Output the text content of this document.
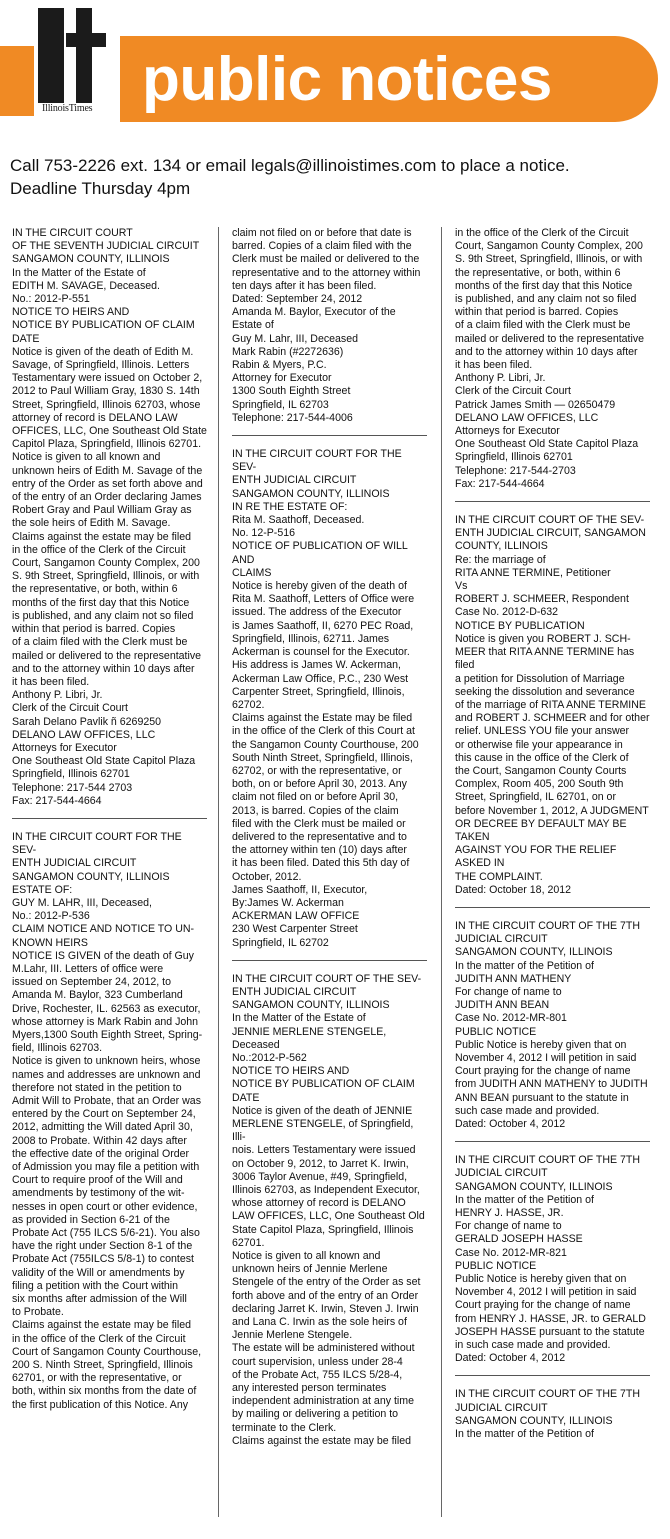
IllinoisTimes public notices
Call 753-2226 ext. 134 or email legals@illinoistimes.com to place a notice.
Deadline Thursday 4pm

IN THE CIRCUIT COURT
OF THE SEVENTH JUDICIAL CIRCUIT
SANGAMON COUNTY, ILLINOIS
In the Matter of the Estate of
EDITH M. SAVAGE, Deceased.
No.: 2012-P-551
NOTICE TO HEIRS AND
NOTICE BY PUBLICATION OF CLAIM
DATE
Notice is given of the death of Edith M.
Savage, of Springfield, Illinois. Letters
Testamentary were issued on October 2,
2012 to Paul William Gray, 1830 S. 14th
Street, Springfield, Illinois 62703, whose
attorney of record is DELANO LAW
OFFICES, LLC, One Southeast Old State
Capitol Plaza, Springfield, Illinois 62701.
Notice is given to all known and
unknown heirs of Edith M. Savage of the
entry of the Order as set forth above and
of the entry of an Order declaring James
Robert Gray and Paul William Gray as
the sole heirs of Edith M. Savage.
Claims against the estate may be filed
in the office of the Clerk of the Circuit
Court, Sangamon County Complex, 200
S. 9th Street, Springfield, Illinois, or with
the representative, or both, within 6
months of the first day that this Notice
is published, and any claim not so filed
within that period is barred. Copies
of a claim filed with the Clerk must be
mailed or delivered to the representative
and to the attorney within 10 days after
it has been filed.
Anthony P. Libri, Jr.
Clerk of the Circuit Court
Sarah Delano Pavlik ñ 6269250
DELANO LAW OFFICES, LLC
Attorneys for Executor
One Southeast Old State Capitol Plaza
Springfield, Illinois 62701
Telephone: 217-544 2703
Fax: 217-544-4664

IN THE CIRCUIT COURT FOR THE SEV-
ENTH JUDICIAL CIRCUIT
SANGAMON COUNTY, ILLINOIS
ESTATE OF:
GUY M. LAHR, III, Deceased,
No.: 2012-P-536
CLAIM NOTICE AND NOTICE TO UN-
KNOWN HEIRS
NOTICE IS GIVEN of the death of Guy
M.Lahr, III. Letters of office were
issued on September 24, 2012, to
Amanda M. Baylor, 323 Cumberland
Drive, Rochester, IL. 62563 as executor,
whose attorney is Mark Rabin and John
Myers,1300 South Eighth Street, Spring-
field, Illinois 62703.
Notice is given to unknown heirs, whose
names and addresses are unknown and
therefore not stated in the petition to
Admit Will to Probate, that an Order was
entered by the Court on September 24,
2012, admitting the Will dated April 30,
2008 to Probate. Within 42 days after
the effective date of the original Order
of Admission you may file a petition with
Court to require proof of the Will and
amendments by testimony of the wit-
nesses in open court or other evidence,
as provided in Section 6-21 of the
Probate Act (755 ILCS 5/6-21). You also
have the right under Section 8-1 of the
Probate Act (755ILCS 5/8-1) to contest
validity of the Will or amendments by
filing a petition with the Court within
six months after admission of the Will
to Probate.
Claims against the estate may be filed
in the office of the Clerk of the Circuit
Court of Sangamon County Courthouse,
200 S. Ninth Street, Springfield, Illinois
62701, or with the representative, or
both, within six months from the date of
the first publication of this Notice. Any

claim not filed on or before that date is
barred. Copies of a claim filed with the
Clerk must be mailed or delivered to the
representative and to the attorney within
ten days after it has been filed.
Dated: September 24, 2012
Amanda M. Baylor, Executor of the
Estate of
Guy M. Lahr, III, Deceased
Mark Rabin (#2272636)
Rabin & Myers, P.C.
Attorney for Executor
1300 South Eighth Street
Springfield, IL 62703
Telephone: 217-544-4006

IN THE CIRCUIT COURT FOR THE SEV-
ENTH JUDICIAL CIRCUIT
SANGAMON COUNTY, ILLINOIS
IN RE THE ESTATE OF:
Rita M. Saathoff, Deceased.
No. 12-P-516
NOTICE OF PUBLICATION OF WILL AND
CLAIMS
Notice is hereby given of the death of
Rita M. Saathoff, Letters of Office were
issued. The address of the Executor
is James Saathoff, II, 6270 PEC Road,
Springfield, Illinois, 62711. James
Ackerman is counsel for the Executor.
His address is James W. Ackerman,
Ackerman Law Office, P.C., 230 West
Carpenter Street, Springfield, Illinois,
62702.
Claims against the Estate may be filed
in the office of the Clerk of this Court at
the Sangamon County Courthouse, 200
South Ninth Street, Springfield, Illinois,
62702, or with the representative, or
both, on or before April 30, 2013. Any
claim not filed on or before April 30,
2013, is barred. Copies of the claim
filed with the Clerk must be mailed or
delivered to the representative and to
the attorney within ten (10) days after
it has been filed. Dated this 5th day of
October, 2012.
James Saathoff, II, Executor,
By:James W. Ackerman
ACKERMAN LAW OFFICE
230 West Carpenter Street
Springfield, IL 62702

IN THE CIRCUIT COURT OF THE SEV-
ENTH JUDICIAL CIRCUIT
SANGAMON COUNTY, ILLINOIS
In the Matter of the Estate of
JENNIE MERLENE STENGELE, Deceased
No.:2012-P-562
NOTICE TO HEIRS AND
NOTICE BY PUBLICATION OF CLAIM
DATE
Notice is given of the death of JENNIE
MERLENE STENGELE, of Springfield, Illi-
nois. Letters Testamentary were issued
on October 9, 2012, to Jarret K. Irwin,
3006 Taylor Avenue, #49, Springfield,
Illinois 62703, as Independent Executor,
whose attorney of record is DELANO
LAW OFFICES, LLC, One Southeast Old
State Capitol Plaza, Springfield, Illinois
62701.
Notice is given to all known and
unknown heirs of Jennie Merlene
Stengele of the entry of the Order as set
forth above and of the entry of an Order
declaring Jarret K. Irwin, Steven J. Irwin
and Lana C. Irwin as the sole heirs of
Jennie Merlene Stengele.
The estate will be administered without
court supervision, unless under 28-4
of the Probate Act, 755 ILCS 5/28-4,
any interested person terminates
independent administration at any time
by mailing or delivering a petition to
terminate to the Clerk.
Claims against the estate may be filed

in the office of the Clerk of the Circuit
Court, Sangamon County Complex, 200
S. 9th Street, Springfield, Illinois, or with
the representative, or both, within 6
months of the first day that this Notice
is published, and any claim not so filed
within that period is barred. Copies
of a claim filed with the Clerk must be
mailed or delivered to the representative
and to the attorney within 10 days after
it has been filed.
Anthony P. Libri, Jr.
Clerk of the Circuit Court
Patrick James Smith — 02650479
DELANO LAW OFFICES, LLC
Attorneys for Executor
One Southeast Old State Capitol Plaza
Springfield, Illinois 62701
Telephone: 217-544-2703
Fax: 217-544-4664

IN THE CIRCUIT COURT OF THE SEV-
ENTH JUDICIAL CIRCUIT, SANGAMON
COUNTY, ILLINOIS
Re: the marriage of
RITA ANNE TERMINE, Petitioner
Vs
ROBERT J. SCHMEER, Respondent
Case No. 2012-D-632
NOTICE BY PUBLICATION
Notice is given you ROBERT J. SCH-
MEER that RITA ANNE TERMINE has filed
a petition for Dissolution of Marriage
seeking the dissolution and severance
of the marriage of RITA ANNE TERMINE
and ROBERT J. SCHMEER and for other
relief. UNLESS YOU file your answer
or otherwise file your appearance in
this cause in the office of the Clerk of
the Court, Sangamon County Courts
Complex, Room 405, 200 South 9th
Street, Springfield, IL 62701, on or
before November 1, 2012, A JUDGMENT
OR DECREE BY DEFAULT MAY BE TAKEN
AGAINST YOU FOR THE RELIEF ASKED IN
THE COMPLAINT.
Dated: October 18, 2012

IN THE CIRCUIT COURT OF THE 7TH
JUDICIAL CIRCUIT
SANGAMON COUNTY, ILLINOIS
In the matter of the Petition of
JUDITH ANN MATHENY
For change of name to
JUDITH ANN BEAN
Case No. 2012-MR-801
PUBLIC NOTICE
Public Notice is hereby given that on
November 4, 2012 I will petition in said
Court praying for the change of name
from JUDITH ANN MATHENY to JUDITH
ANN BEAN pursuant to the statute in
such case made and provided.
Dated: October 4, 2012

IN THE CIRCUIT COURT OF THE 7TH
JUDICIAL CIRCUIT
SANGAMON COUNTY, ILLINOIS
In the matter of the Petition of
HENRY J. HASSE, JR.
For change of name to
GERALD JOSEPH HASSE
Case No. 2012-MR-821
PUBLIC NOTICE
Public Notice is hereby given that on
November 4, 2012 I will petition in said
Court praying for the change of name
from HENRY J. HASSE, JR. to GERALD
JOSEPH HASSE pursuant to the statute
in such case made and provided.
Dated: October 4, 2012

IN THE CIRCUIT COURT OF THE 7TH
JUDICIAL CIRCUIT
SANGAMON COUNTY, ILLINOIS
In the matter of the Petition of
